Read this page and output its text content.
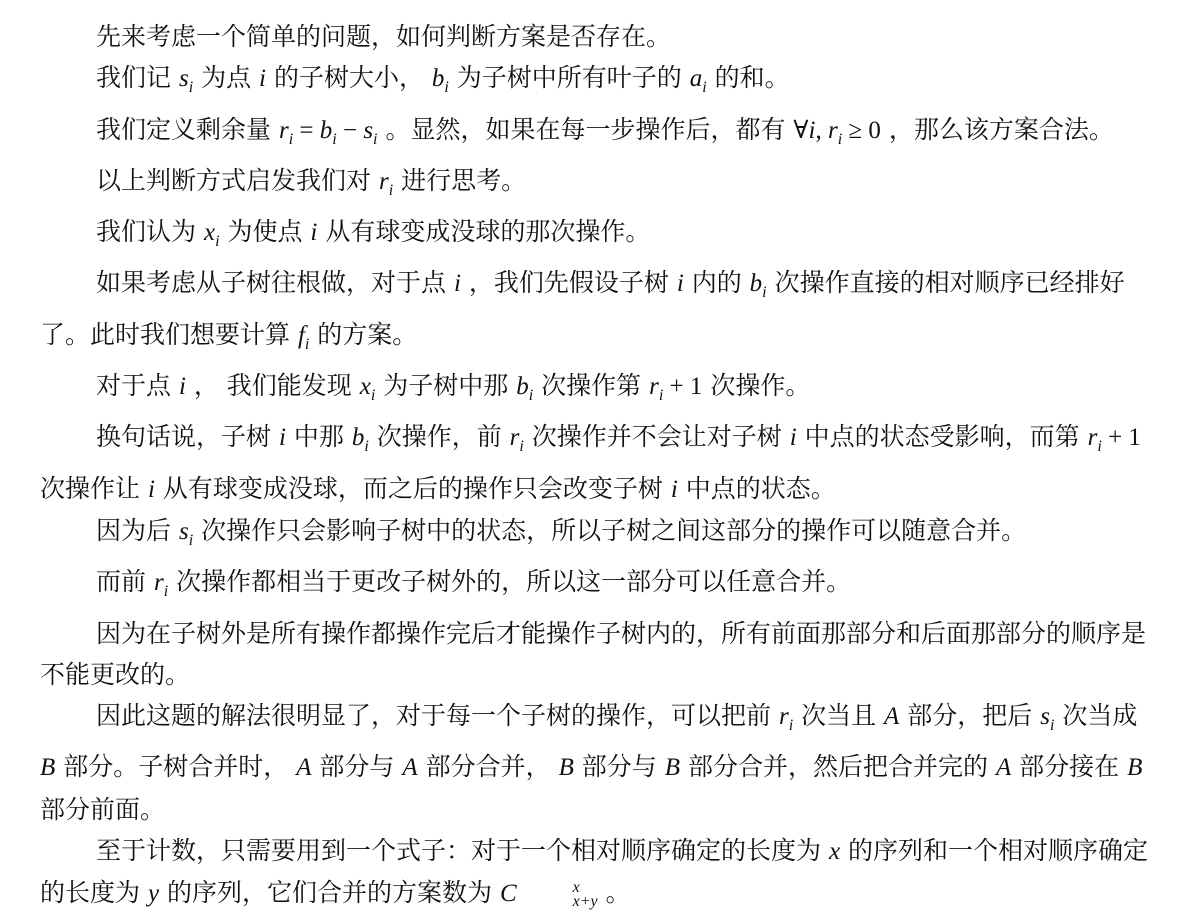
先来考虑一个简单的问题，如何判断方案是否存在。

我们记 $s_i$ 为点 i 的子树大小， $b_i$ 为子树中所有叶子的 $a_i$ 的和。

我们定义剩余量 $r_i = b_i - s_i$ 。显然，如果在每一步操作后，都有 ∀i, $r_i \ge 0$ ，那么该方案合法。

以上判断方式启发我们对 $r_i$ 进行思考。

我们认为 $x_i$ 为使点 i 从有球变成没球的那次操作。

如果考虑从子树往根做，对于点 i ，我们先假设子树 i 内的 $b_i$ 次操作直接的相对顺序已经排好了。此时我们想要计算 $f_i$ 的方案。

对于点 i ， 我们能发现 $x_i$ 为子树中那 $b_i$ 次操作第 $r_i + 1$ 次操作。

换句话说，子树 i 中那 $b_i$ 次操作，前 $r_i$ 次操作并不会让对子树 i 中点的状态受影响，而第 $r_i + 1$ 次操作让 i 从有球变成没球，而之后的操作只会改变子树 i 中点的状态。

因为后 $s_i$ 次操作只会影响子树中的状态，所以子树之间这部分的操作可以随意合并。

而前 $r_i$ 次操作都相当于更改子树外的，所以这一部分可以任意合并。

因为在子树外是所有操作都操作完后才能操作子树内的，所有前面那部分和后面那部分的顺序是不能更改的。

因此这题的解法很明显了，对于每一个子树的操作，可以把前 $r_i$ 次当且 A 部分，把后 $s_i$ 次当成 B 部分。子树合并时， A 部分与 A 部分合并， B 部分与 B 部分合并，然后把合并完的 A 部分接在 B 部分前面。

至于计数，只需要用到一个式子：对于一个相对顺序确定的长度为 x 的序列和一个相对顺序确定的长度为 y 的序列，它们合并的方案数为 C	x
x+y 。
